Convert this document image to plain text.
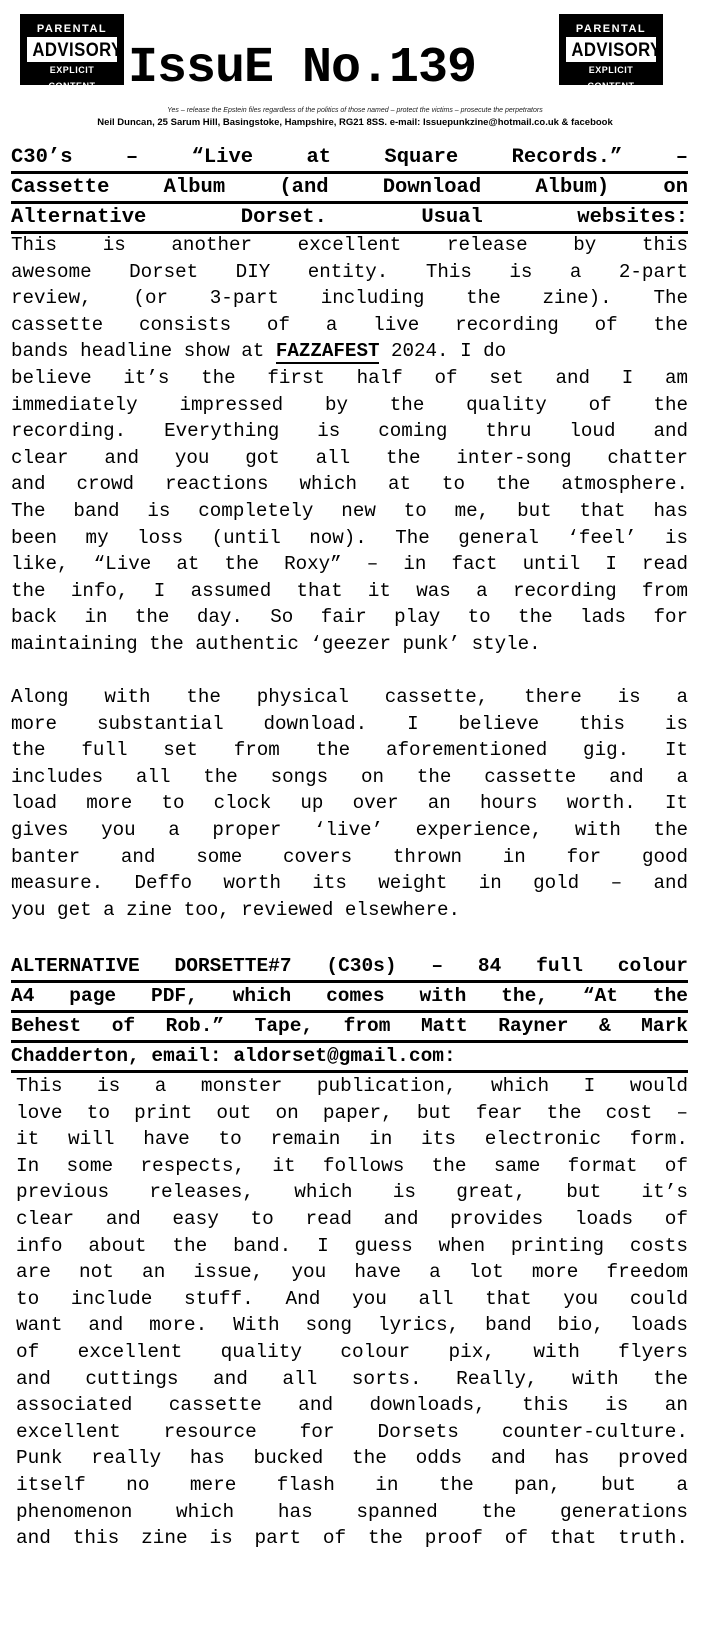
PARENTAL
ADVISORY
EXPLICIT CONTENT
PARENTAL
ADVISORY
EXPLICIT CONTENT
IssuE No.139
Yes – release the Epstein files regardless of the politics of those named – protect the victims – prosecute the perpetrators
Neil Duncan, 25 Sarum Hill, Basingstoke, Hampshire, RG21 8SS. e-mail: Issuepunkzine@hotmail.co.uk & facebook
C30’s – “Live at Square Records.” –
Cassette Album (and Download Album) on
Alternative Dorset. Usual websites:
This is another excellent release by this
awesome Dorset DIY entity. This is a 2-part
review, (or 3-part including the zine). The
cassette consists of a live recording of the
bands headline show at FAZZAFEST 2024. I do
believe it’s the first half of set and I am
immediately impressed by the quality of the
recording. Everything is coming thru loud and
clear and you got all the inter-song chatter
and crowd reactions which at to the atmosphere.
The band is completely new to me, but that has
been my loss (until now). The general ‘feel’ is
like, “Live at the Roxy” – in fact until I read
the info, I assumed that it was a recording from
back in the day. So fair play to the lads for
maintaining the authentic ‘geezer punk’ style.
Along with the physical cassette, there is a
more substantial download. I believe this is
the full set from the aforementioned gig. It
includes all the songs on the cassette and a
load more to clock up over an hours worth. It
gives you a proper ‘live’ experience, with the
banter and some covers thrown in for good
measure. Deffo worth its weight in gold – and
you get a zine too, reviewed elsewhere.
ALTERNATIVE DORSETTE#7 (C30s) – 84 full colour
A4 page PDF, which comes with the, “At the
Behest of Rob.” Tape, from Matt Rayner & Mark
Chadderton, email: aldorset@gmail.com:
This is a monster publication, which I would
love to print out on paper, but fear the cost –
it will have to remain in its electronic form.
In some respects, it follows the same format of
previous releases, which is great, but it’s
clear and easy to read and provides loads of
info about the band. I guess when printing costs
are not an issue, you have a lot more freedom
to include stuff. And you all that you could
want and more. With song lyrics, band bio, loads
of excellent quality colour pix, with flyers
and cuttings and all sorts. Really, with the
associated cassette and downloads, this is an
excellent resource for Dorsets counter-culture.
Punk really has bucked the odds and has proved
itself no mere flash in the pan, but a
phenomenon which has spanned the generations
and this zine is part of the proof of that truth.
